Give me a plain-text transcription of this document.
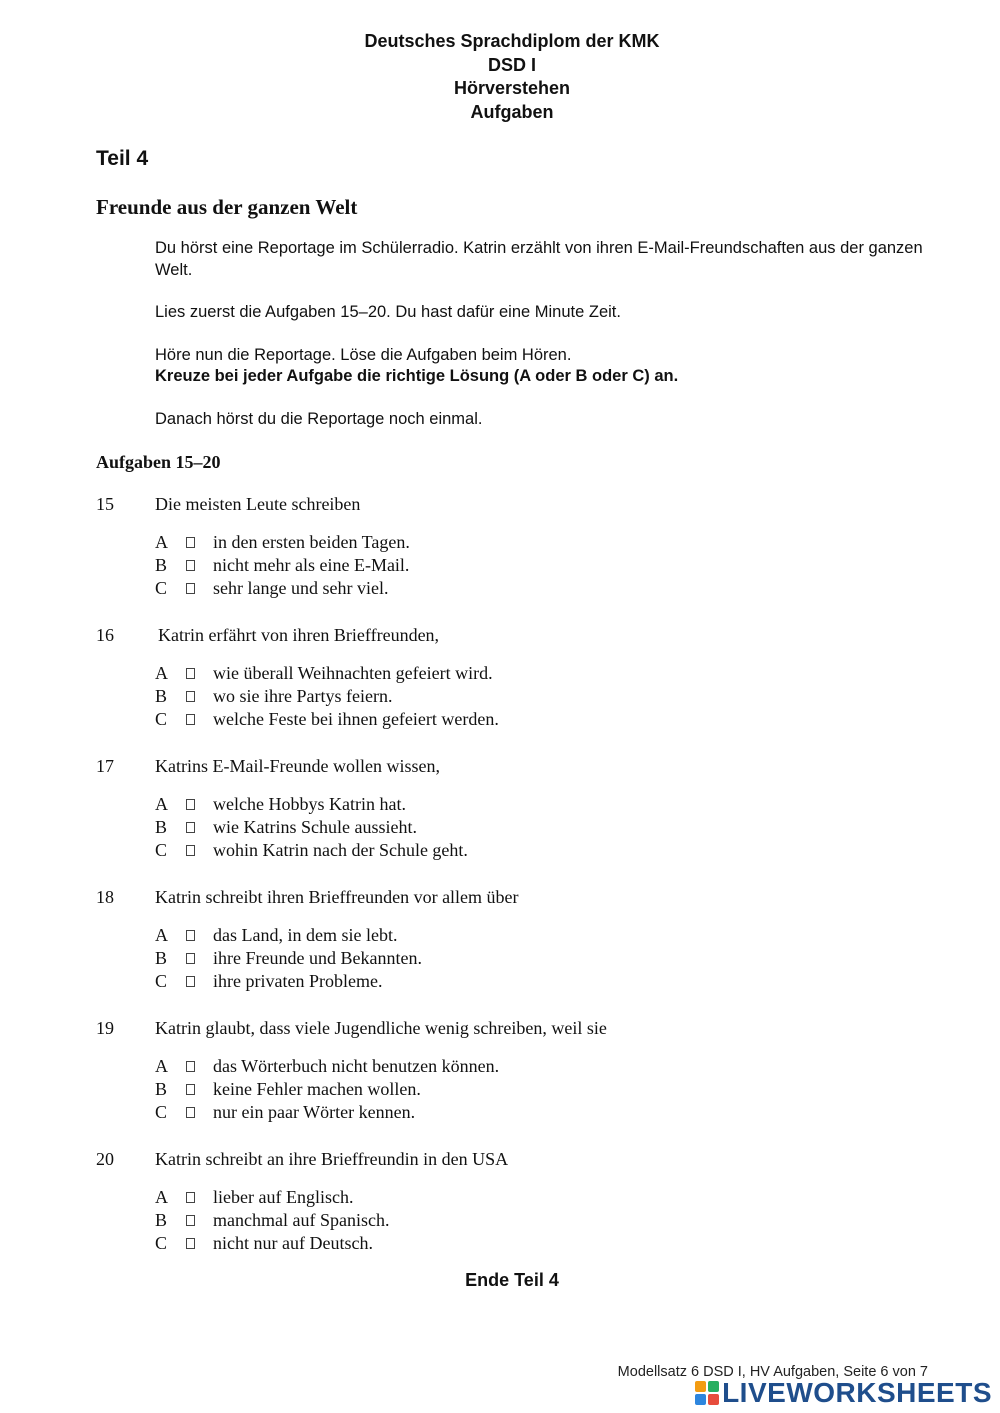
Deutsches Sprachdiplom der KMK
DSD I
Hörverstehen
Aufgaben
Teil 4
Freunde aus der ganzen Welt

Du hörst eine Reportage im Schülerradio. Katrin erzählt von ihren E-Mail-Freundschaften aus der ganzen Welt.

Lies zuerst die Aufgaben 15–20. Du hast dafür eine Minute Zeit.

Höre nun die Reportage. Löse die Aufgaben beim Hören.
Kreuze bei jeder Aufgabe die richtige Lösung (A oder B oder C) an.

Danach hörst du die Reportage noch einmal.

Aufgaben 15–20
15	Die meisten Leute schreiben
A	in den ersten beiden Tagen.
B	nicht mehr als eine E-Mail.
C	sehr lange und sehr viel.
16	Katrin erfährt von ihren Brieffreunden,
A	wie überall Weihnachten gefeiert wird.
B	wo sie ihre Partys feiern.
C	welche Feste bei ihnen gefeiert werden.
17	Katrins E-Mail-Freunde wollen wissen,
A	welche Hobbys Katrin hat.
B	wie Katrins Schule aussieht.
C	wohin Katrin nach der Schule geht.
18	Katrin schreibt ihren Brieffreunden vor allem über
A	das Land, in dem sie lebt.
B	ihre Freunde und Bekannten.
C	ihre privaten Probleme.
19	Katrin glaubt, dass viele Jugendliche wenig schreiben, weil sie
A	das Wörterbuch nicht benutzen können.
B	keine Fehler machen wollen.
C	nur ein paar Wörter kennen.
20	Katrin schreibt an ihre Brieffreundin in den USA
A	lieber auf Englisch.
B	manchmal auf Spanisch.
C	nicht nur auf Deutsch.
Ende Teil 4
Modellsatz 6 DSD I, HV Aufgaben, Seite 6 von 7
LIVEWORKSHEETS
